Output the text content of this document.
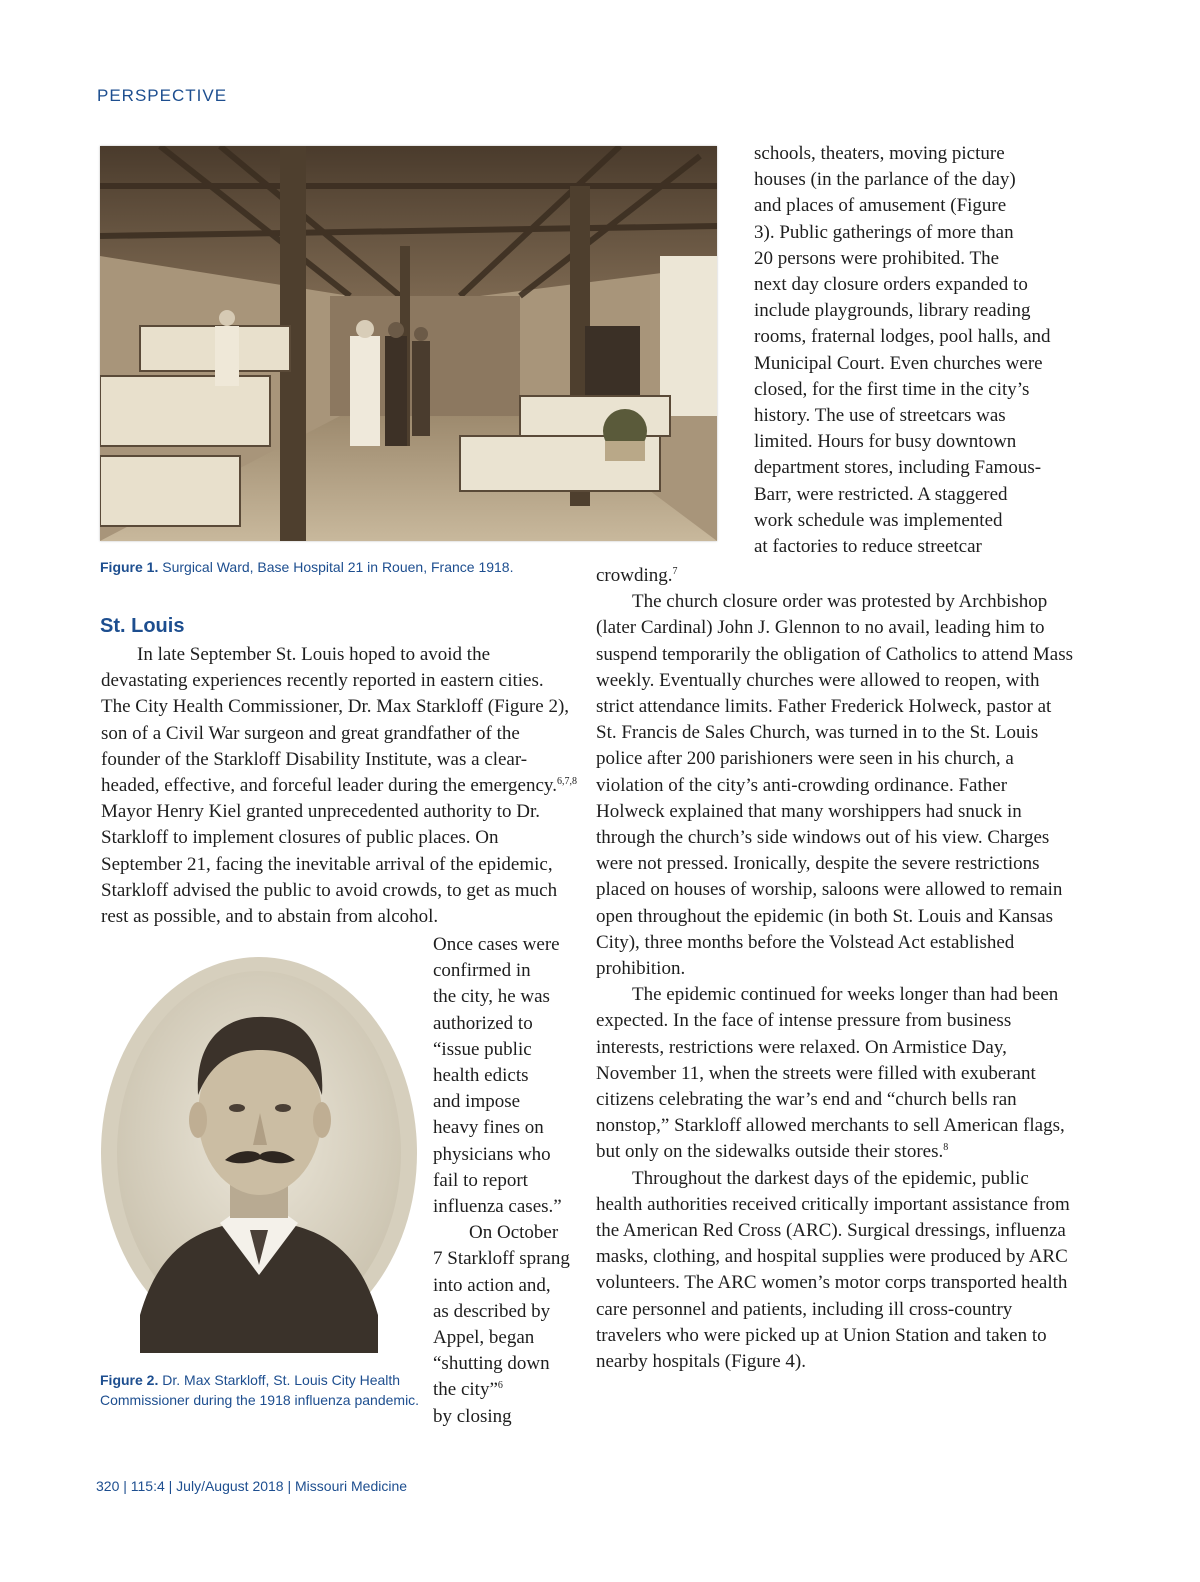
PERSPECTIVE
Figure 1. Surgical Ward, Base Hospital 21 in Rouen, France 1918.
schools, theaters, moving picture
houses (in the parlance of the day)
and places of amusement (Figure
3). Public gatherings of more than
20 persons were prohibited. The
next day closure orders expanded to
include playgrounds, library reading
rooms, fraternal lodges, pool halls, and
Municipal Court. Even churches were
closed, for the first time in the city’s
history. The use of streetcars was
limited. Hours for busy downtown
department stores, including Famous-
Barr, were restricted. A staggered
work schedule was implemented
at factories to reduce streetcar

crowding.$^7$

The church closure order was protested by Archbishop (later Cardinal) John J. Glennon to no avail, leading him to suspend temporarily the obligation of Catholics to attend Mass weekly. Eventually churches were allowed to reopen, with strict attendance limits. Father Frederick Holweck, pastor at St. Francis de Sales Church, was turned in to the St. Louis police after 200 parishioners were seen in his church, a violation of the city’s anti-crowding ordinance. Father Holweck explained that many worshippers had snuck in through the church’s side windows out of his view. Charges were not pressed. Ironically, despite the severe restrictions placed on houses of worship, saloons were allowed to remain open throughout the epidemic (in both St. Louis and Kansas City), three months before the Volstead Act established prohibition.

The epidemic continued for weeks longer than had been expected. In the face of intense pressure from business interests, restrictions were relaxed. On Armistice Day, November 11, when the streets were filled with exuberant citizens celebrating the war’s end and “church bells ran nonstop,” Starkloff allowed merchants to sell American flags, but only on the sidewalks outside their stores.$^8$

Throughout the darkest days of the epidemic, public health authorities received critically important assistance from the American Red Cross (ARC). Surgical dressings, influenza masks, clothing, and hospital supplies were produced by ARC volunteers. The ARC women’s motor corps transported health care personnel and patients, including ill cross-country travelers who were picked up at Union Station and taken to nearby hospitals (Figure 4).

St. Louis

In late September St. Louis hoped to avoid the devastating experiences recently reported in eastern cities. The City Health Commissioner, Dr. Max Starkloff (Figure 2), son of a Civil War surgeon and great grandfather of the founder of the Starkloff Disability Institute, was a clear-headed, effective, and forceful leader during the emergency.$^{6,7,8}$ Mayor Henry Kiel granted unprecedented authority to Dr. Starkloff to implement closures of public places. On September 21, facing the inevitable arrival of the epidemic, Starkloff advised the public to avoid crowds, to get as much rest as possible, and to abstain from alcohol.

Once cases were
confirmed in
the city, he was
authorized to
“issue public
health edicts
and impose
heavy fines on
physicians who
fail to report
influenza cases.”
On October
7 Starkloff sprang
into action and,
as described by
Appel, began
“shutting down
the city”$^6$
by closing
Figure 2. Dr. Max Starkloff, St. Louis City Health Commissioner during the 1918 influenza pandemic.
320 | 115:4 | July/August 2018 | Missouri Medicine
